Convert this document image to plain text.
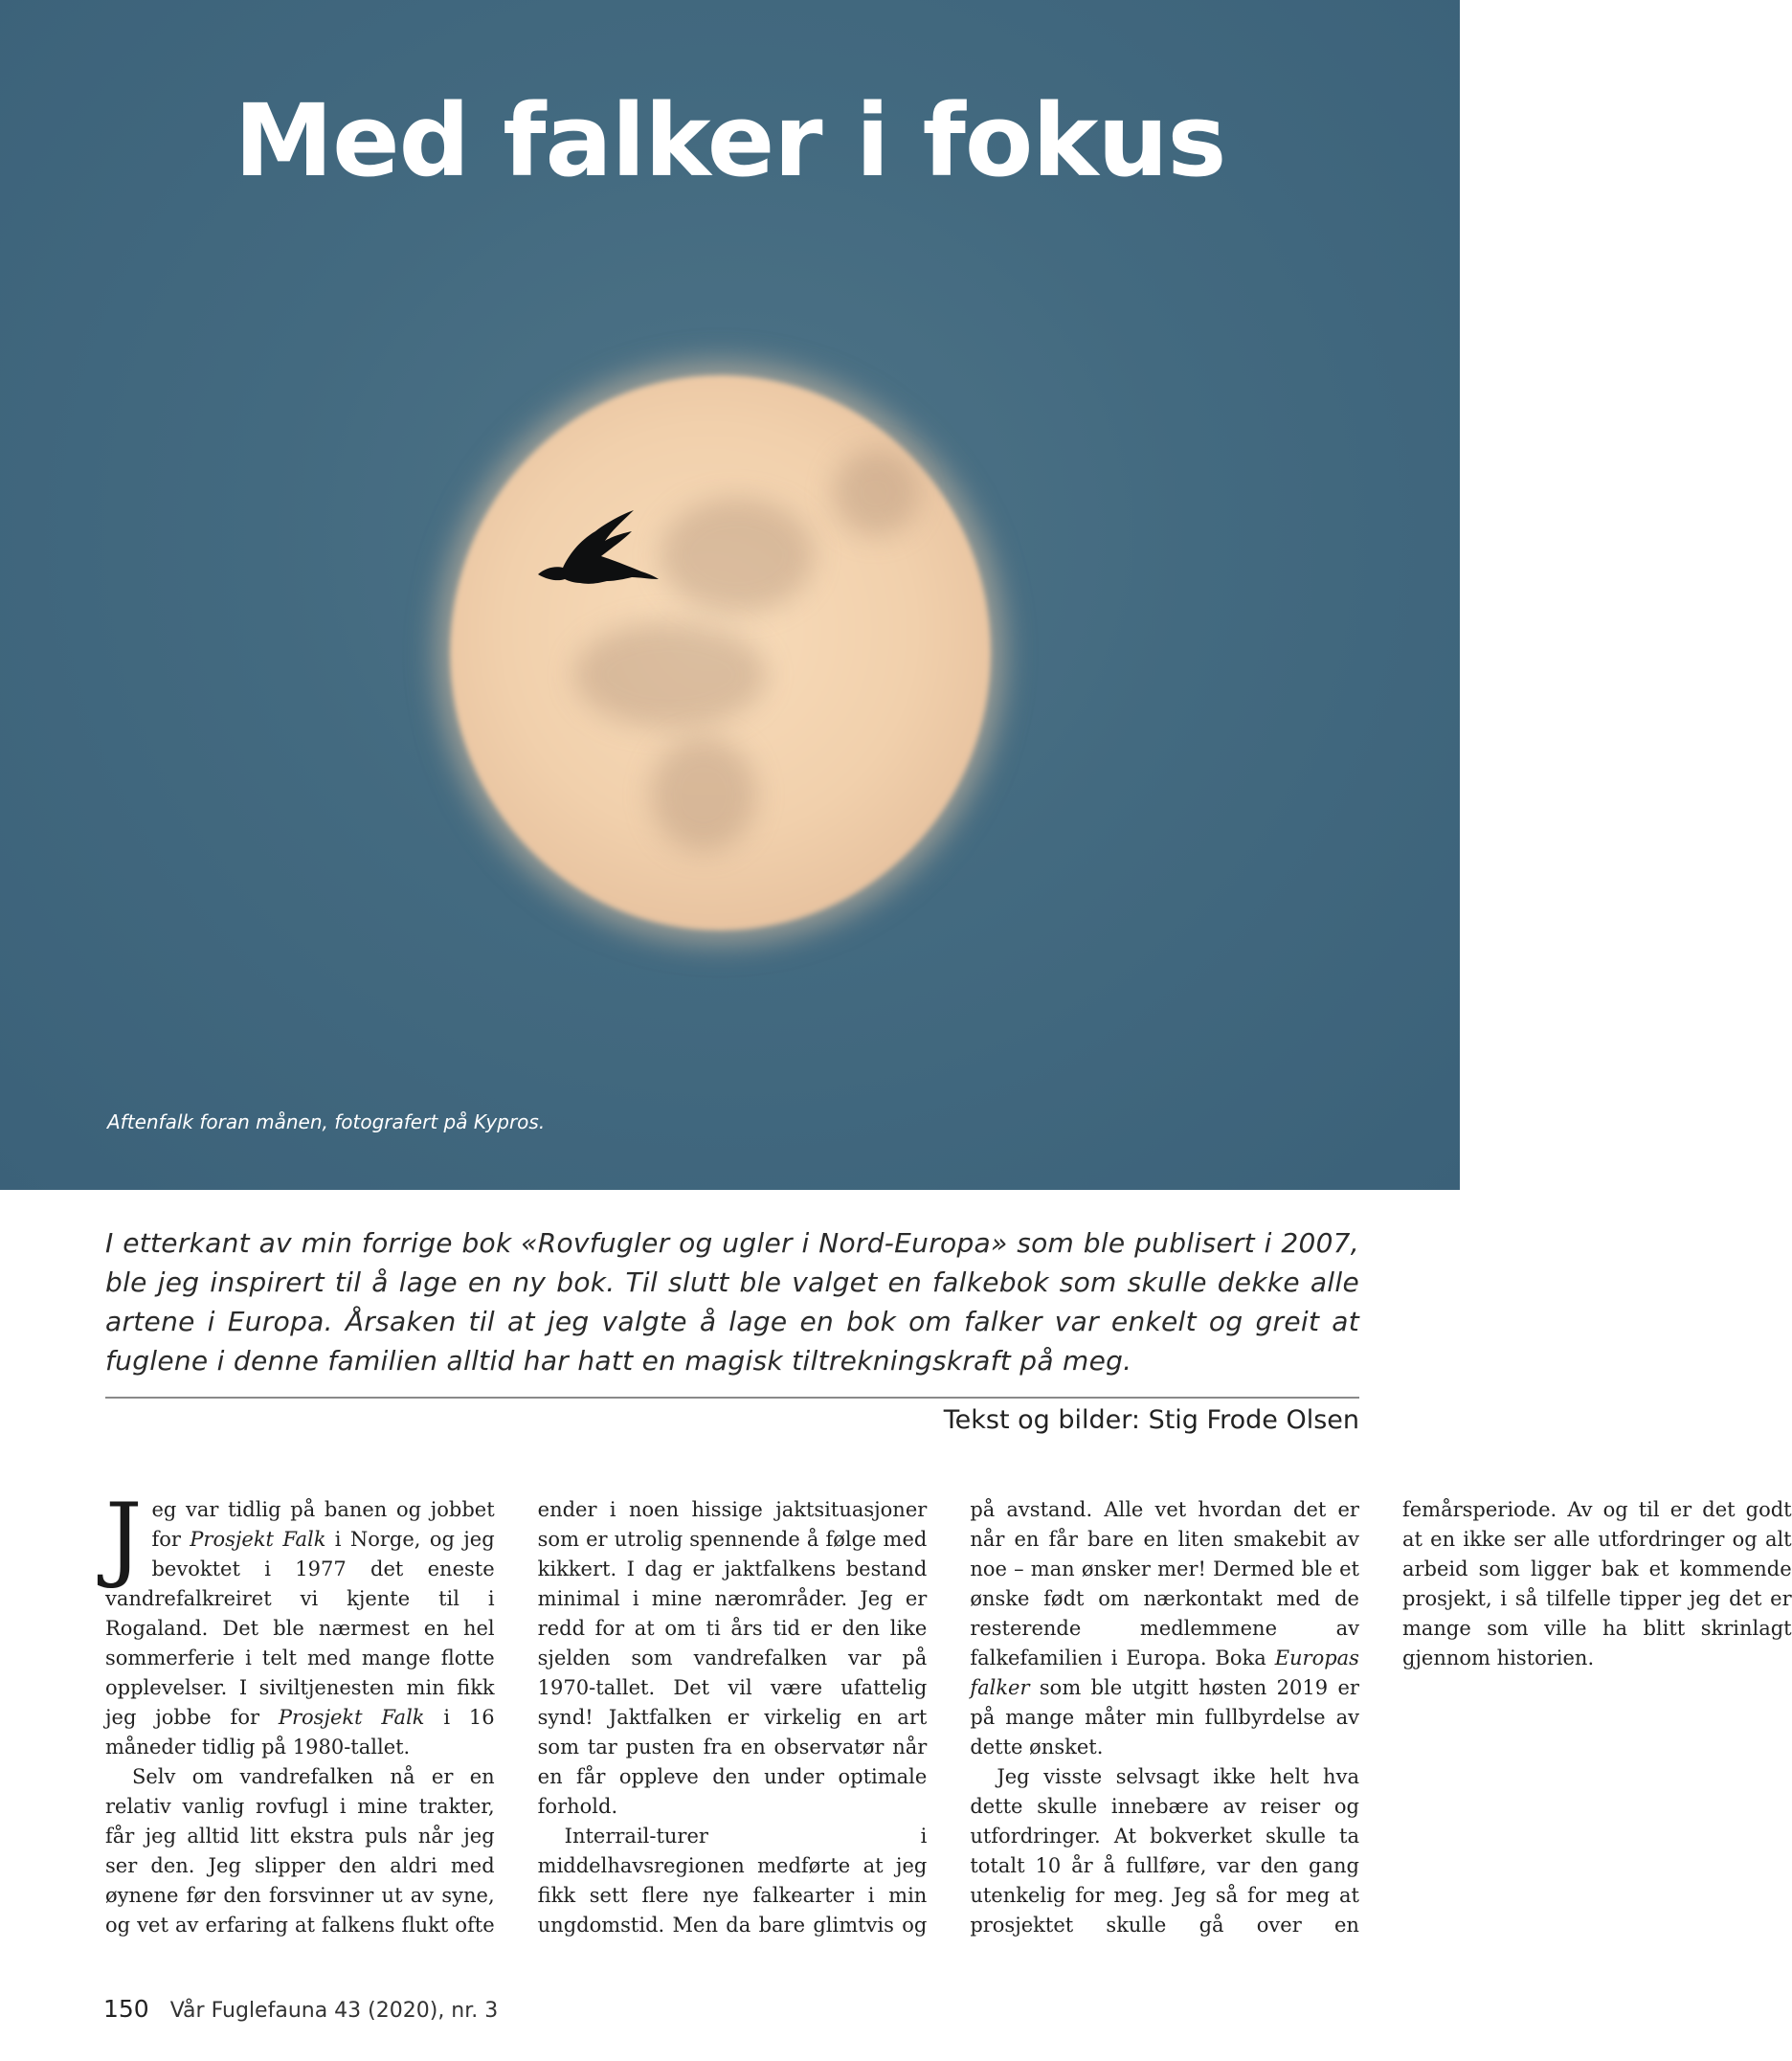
Med falker i fokus
Aftenfalk foran månen, fotografert på Kypros.

I etterkant av min forrige bok «Rovfugler og ugler i Nord-Europa» som ble publisert i 2007, ble jeg inspirert til å lage en ny bok. Til slutt ble valget en falkebok som skulle dekke alle artene i Europa. Årsaken til at jeg valgte å lage en bok om falker var enkelt og greit at fuglene i denne familien alltid har hatt en magisk tiltrekningskraft på meg.

Tekst og bilder: Stig Frode Olsen

Jeg var tidlig på banen og jobbet for Prosjekt Falk i Norge, og jeg bevoktet i 1977 det eneste vandrefalkreiret vi kjente til i Rogaland. Det ble nærmest en hel sommerferie i telt med mange flotte opplevelser. I siviltjenesten min fikk jeg jobbe for Prosjekt Falk i 16 måneder tidlig på 1980-tallet.

Selv om vandrefalken nå er en relativ vanlig rovfugl i mine trakter, får jeg alltid litt ekstra puls når jeg ser den. Jeg slipper den aldri med øynene før den forsvinner ut av syne, og vet av erfaring at falkens flukt ofte ender i noen hissige jaktsituasjoner som er utrolig spennende å følge med kikkert. I dag er jaktfalkens bestand minimal i mine nærområder. Jeg er redd for at om ti års tid er den like sjelden som vandrefalken var på 1970-tallet. Det vil være ufattelig synd! Jaktfalken er virkelig en art som tar pusten fra en observatør når en får oppleve den under optimale forhold.

Interrail-turer i middelhavsregionen medførte at jeg fikk sett flere nye falkearter i min ungdomstid. Men da bare glimtvis og på avstand. Alle vet hvordan det er når en får bare en liten smakebit av noe – man ønsker mer! Dermed ble et ønske født om nærkontakt med de resterende medlemmene av falkefamilien i Europa. Boka Europas falker som ble utgitt høsten 2019 er på mange måter min fullbyrdelse av dette ønsket.

Jeg visste selvsagt ikke helt hva dette skulle innebære av reiser og utfordringer. At bokverket skulle ta totalt 10 år å fullføre, var den gang utenkelig for meg. Jeg så for meg at prosjektet skulle gå over en femårsperiode. Av og til er det godt at en ikke ser alle utfordringer og alt arbeid som ligger bak et kommende prosjekt, i så tilfelle tipper jeg det er mange som ville ha blitt skrinlagt gjennom historien.

150 Vår Fuglefauna 43 (2020), nr. 3
